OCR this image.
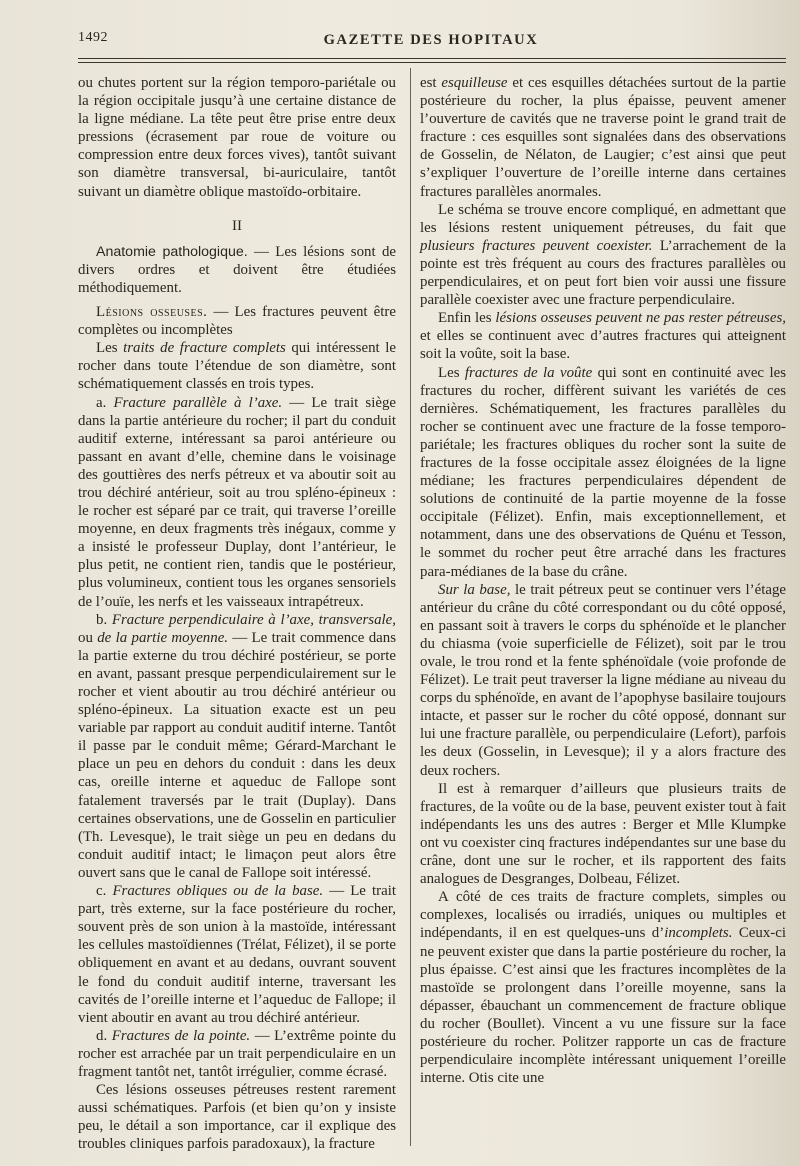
1492	GAZETTE DES HOPITAUX

ou chutes portent sur la région temporo-pariétale ou la région occipitale jusqu’à une certaine distance de la ligne médiane. La tête peut être prise entre deux pressions (écrasement par roue de voiture ou compression entre deux forces vives), tantôt suivant son diamètre transversal, bi-auriculaire, tantôt suivant un diamètre oblique mastoïdo-orbitaire.

II

Anatomie pathologique. — Les lésions sont de divers ordres et doivent être étudiées méthodiquement.

Lésions osseuses. — Les fractures peuvent être complètes ou incomplètes

Les traits de fracture complets qui intéressent le rocher dans toute l’étendue de son diamètre, sont schématiquement classés en trois types.

a. Fracture parallèle à l’axe. — Le trait siège dans la partie antérieure du rocher; il part du conduit auditif externe, intéressant sa paroi antérieure ou passant en avant d’elle, chemine dans le voisinage des gouttières des nerfs pétreux et va aboutir soit au trou déchiré antérieur, soit au trou spléno-épineux : le rocher est séparé par ce trait, qui traverse l’oreille moyenne, en deux fragments très inégaux, comme y a insisté le professeur Duplay, dont l’antérieur, le plus petit, ne contient rien, tandis que le postérieur, plus volumineux, contient tous les organes sensoriels de l’ouïe, les nerfs et les vaisseaux intrapétreux.

b. Fracture perpendiculaire à l’axe, transversale, ou de la partie moyenne. — Le trait commence dans la partie externe du trou déchiré postérieur, se porte en avant, passant presque perpendiculairement sur le rocher et vient aboutir au trou déchiré antérieur ou spléno-épineux. La situation exacte est un peu variable par rapport au conduit auditif interne. Tantôt il passe par le conduit même; Gérard-Marchant le place un peu en dehors du conduit : dans les deux cas, oreille interne et aqueduc de Fallope sont fatalement traversés par le trait (Duplay). Dans certaines observations, une de Gosselin en particulier (Th. Levesque), le trait siège un peu en dedans du conduit auditif intact; le limaçon peut alors être ouvert sans que le canal de Fallope soit intéressé.

c. Fractures obliques ou de la base. — Le trait part, très externe, sur la face postérieure du rocher, souvent près de son union à la mastoïde, intéressant les cellules mastoïdiennes (Trélat, Félizet), il se porte obliquement en avant et au dedans, ouvrant souvent le fond du conduit auditif interne, traversant les cavités de l’oreille interne et l’aqueduc de Fallope; il vient aboutir en avant au trou déchiré antérieur.

d. Fractures de la pointe. — L’extrême pointe du rocher est arrachée par un trait perpendiculaire en un fragment tantôt net, tantôt irrégulier, comme écrasé.

Ces lésions osseuses pétreuses restent rarement aussi schématiques. Parfois (et bien qu’on y insiste peu, le détail a son importance, car il explique des troubles cliniques parfois paradoxaux), la fracture

est esquilleuse et ces esquilles détachées surtout de la partie postérieure du rocher, la plus épaisse, peuvent amener l’ouverture de cavités que ne traverse point le grand trait de fracture : ces esquilles sont signalées dans des observations de Gosselin, de Nélaton, de Laugier; c’est ainsi que peut s’expliquer l’ouverture de l’oreille interne dans certaines fractures parallèles anormales.

Le schéma se trouve encore compliqué, en admettant que les lésions restent uniquement pétreuses, du fait que plusieurs fractures peuvent coexister. L’arrachement de la pointe est très fréquent au cours des fractures parallèles ou perpendiculaires, et on peut fort bien voir aussi une fissure parallèle coexister avec une fracture perpendiculaire.

Enfin les lésions osseuses peuvent ne pas rester pétreuses, et elles se continuent avec d’autres fractures qui atteignent soit la voûte, soit la base.

Les fractures de la voûte qui sont en continuité avec les fractures du rocher, diffèrent suivant les variétés de ces dernières. Schématiquement, les fractures parallèles du rocher se continuent avec une fracture de la fosse temporo-pariétale; les fractures obliques du rocher sont la suite de fractures de la fosse occipitale assez éloignées de la ligne médiane; les fractures perpendiculaires dépendent de solutions de continuité de la partie moyenne de la fosse occipitale (Félizet). Enfin, mais exceptionnellement, et notamment, dans une des observations de Quénu et Tesson, le sommet du rocher peut être arraché dans les fractures para-médianes de la base du crâne.

Sur la base, le trait pétreux peut se continuer vers l’étage antérieur du crâne du côté correspondant ou du côté opposé, en passant soit à travers le corps du sphénoïde et le plancher du chiasma (voie superficielle de Félizet), soit par le trou ovale, le trou rond et la fente sphénoïdale (voie profonde de Félizet). Le trait peut traverser la ligne médiane au niveau du corps du sphénoïde, en avant de l’apophyse basilaire toujours intacte, et passer sur le rocher du côté opposé, donnant sur lui une fracture parallèle, ou perpendiculaire (Lefort), parfois les deux (Gosselin, in Levesque); il y a alors fracture des deux rochers.

Il est à remarquer d’ailleurs que plusieurs traits de fractures, de la voûte ou de la base, peuvent exister tout à fait indépendants les uns des autres : Berger et Mlle Klumpke ont vu coexister cinq fractures indépendantes sur une base du crâne, dont une sur le rocher, et ils rapportent des faits analogues de Desgranges, Dolbeau, Félizet.

A côté de ces traits de fracture complets, simples ou complexes, localisés ou irradiés, uniques ou multiples et indépendants, il en est quelques-uns d’incomplets. Ceux-ci ne peuvent exister que dans la partie postérieure du rocher, la plus épaisse. C’est ainsi que les fractures incomplètes de la mastoïde se prolongent dans l’oreille moyenne, sans la dépasser, ébauchant un commencement de fracture oblique du rocher (Boullet). Vincent a vu une fissure sur la face postérieure du rocher. Politzer rapporte un cas de fracture perpendiculaire incomplète intéressant uniquement l’oreille interne. Otis cite une
